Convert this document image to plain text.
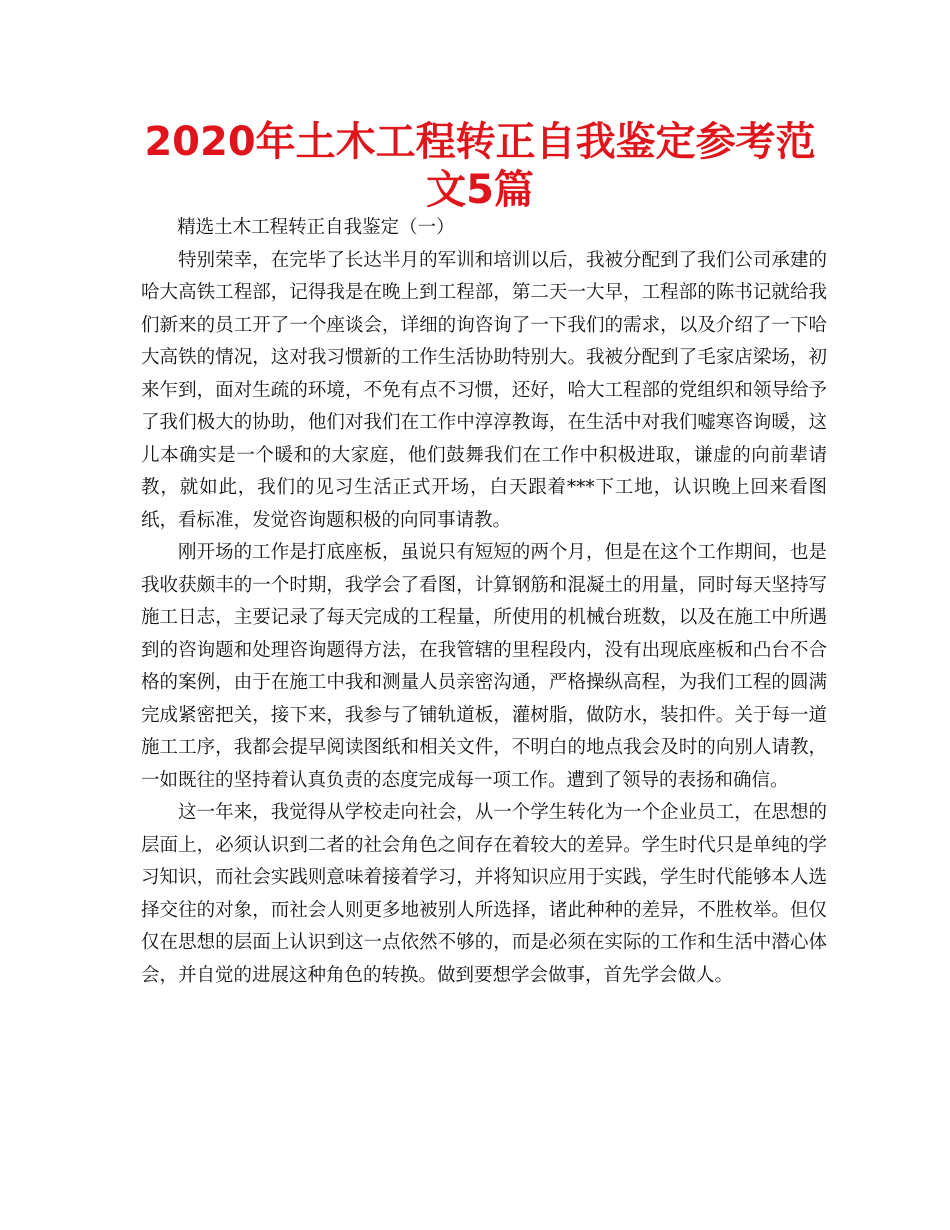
2020年土木工程转正自我鉴定参考范文5篇

精选土木工程转正自我鉴定（一）

特别荣幸，在完毕了长达半月的军训和培训以后，我被分配到了我们公司承建的哈大高铁工程部，记得我是在晚上到工程部，第二天一大早，工程部的陈书记就给我们新来的员工开了一个座谈会，详细的询咨询了一下我们的需求，以及介绍了一下哈大高铁的情况，这对我习惯新的工作生活协助特别大。我被分配到了毛家店梁场，初来乍到，面对生疏的环境，不免有点不习惯，还好，哈大工程部的党组织和领导给予了我们极大的协助，他们对我们在工作中淳淳教诲，在生活中对我们嘘寒咨询暖，这儿本确实是一个暖和的大家庭，他们鼓舞我们在工作中积极进取，谦虚的向前辈请教，就如此，我们的见习生活正式开场，白天跟着***下工地，认识晚上回来看图纸，看标准，发觉咨询题积极的向同事请教。

刚开场的工作是打底座板，虽说只有短短的两个月，但是在这个工作期间，也是我收获颇丰的一个时期，我学会了看图，计算钢筋和混凝土的用量，同时每天坚持写施工日志，主要记录了每天完成的工程量，所使用的机械台班数，以及在施工中所遇到的咨询题和处理咨询题得方法，在我管辖的里程段内，没有出现底座板和凸台不合格的案例，由于在施工中我和测量人员亲密沟通，严格操纵高程，为我们工程的圆满完成紧密把关，接下来，我参与了铺轨道板，灌树脂，做防水，装扣件。关于每一道施工工序，我都会提早阅读图纸和相关文件，不明白的地点我会及时的向别人请教，一如既往的坚持着认真负责的态度完成每一项工作。遭到了领导的表扬和确信。

这一年来，我觉得从学校走向社会，从一个学生转化为一个企业员工，在思想的层面上，必须认识到二者的社会角色之间存在着较大的差异。学生时代只是单纯的学习知识，而社会实践则意味着接着学习，并将知识应用于实践，学生时代能够本人选择交往的对象，而社会人则更多地被别人所选择，诸此种种的差异，不胜枚举。但仅仅在思想的层面上认识到这一点依然不够的，而是必须在实际的工作和生活中潜心体会，并自觉的进展这种角色的转换。做到要想学会做事，首先学会做人。
